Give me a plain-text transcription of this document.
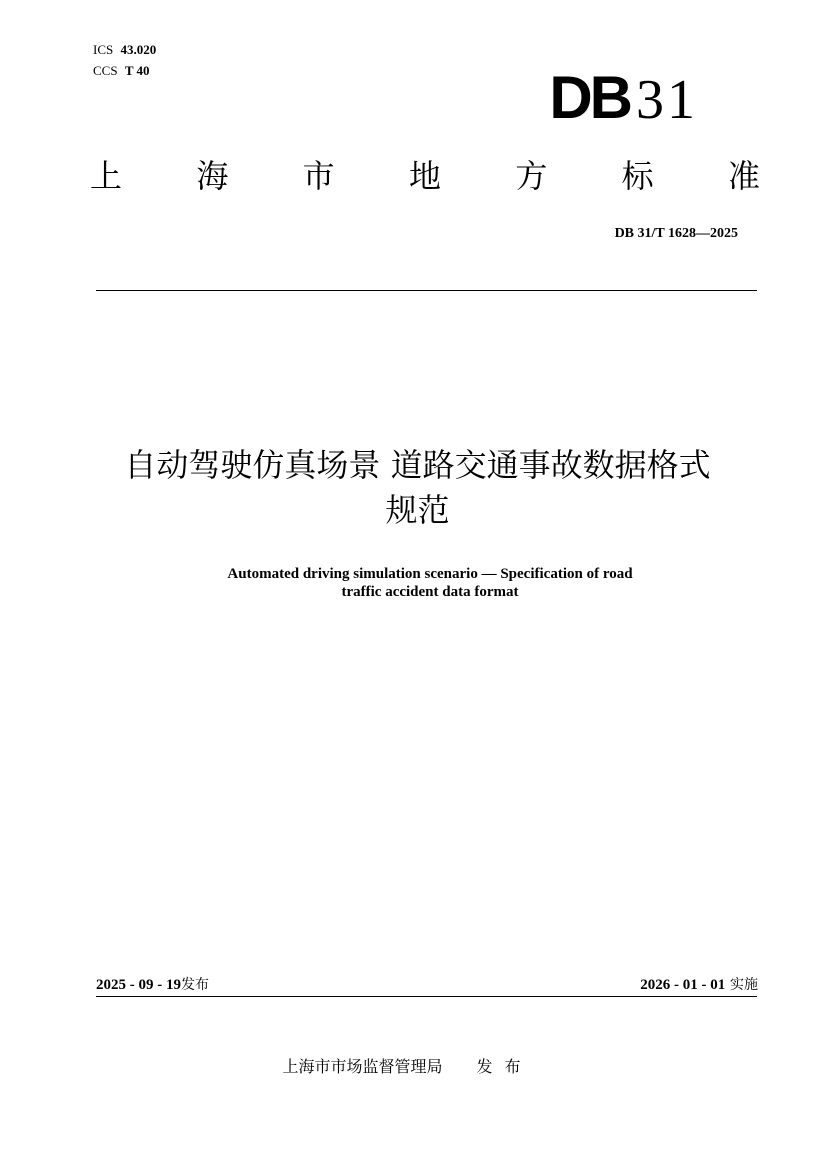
ICS 43.020
CCS T 40	DB 31
上 海 市 地 方 标 准
DB 31/T 1628—2025
自动驾驶仿真场景 道路交通事故数据格式
规范
Automated driving simulation scenario — Specification of road
traffic accident data format
2025 - 09 - 19发布	2026 - 01 - 01 实施
上海市市场监督管理局 发布
